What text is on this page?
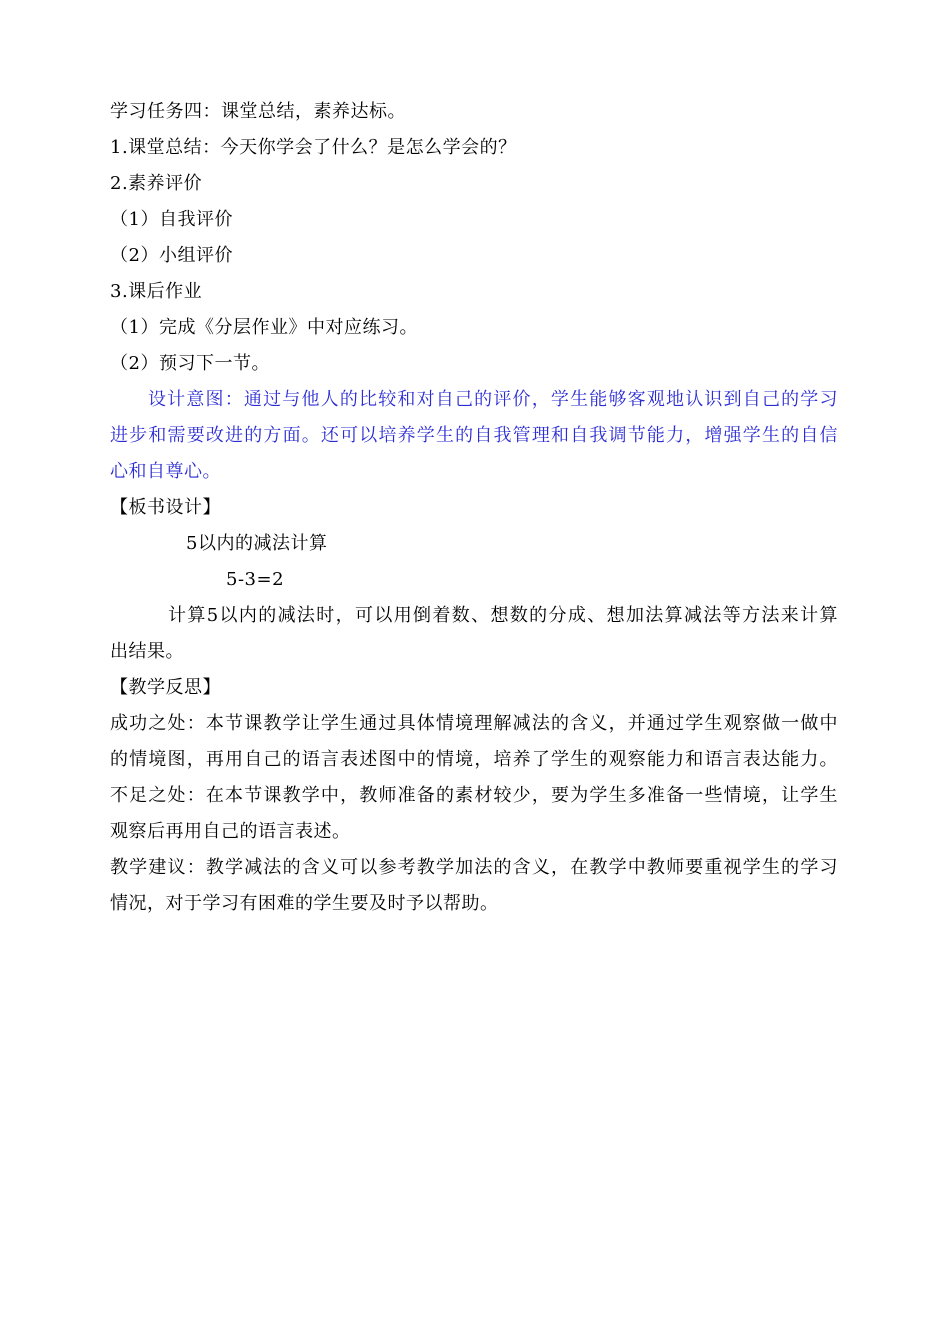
学习任务四：课堂总结，素养达标。
1.课堂总结：今天你学会了什么？是怎么学会的？
2.素养评价
（1）自我评价
（2）小组评价
3.课后作业
（1）完成《分层作业》中对应练习。
（2）预习下一节。
设计意图：通过与他人的比较和对自己的评价，学生能够客观地认识到自己的学习
进步和需要改进的方面。还可以培养学生的自我管理和自我调节能力，增强学生的自信
心和自尊心。
【板书设计】
5以内的减法计算
5-3=2
计算5以内的减法时，可以用倒着数、想数的分成、想加法算减法等方法来计算
出结果。
【教学反思】
成功之处：本节课教学让学生通过具体情境理解减法的含义，并通过学生观察做一做中
的情境图，再用自己的语言表述图中的情境，培养了学生的观察能力和语言表达能力。
不足之处：在本节课教学中，教师准备的素材较少，要为学生多准备一些情境，让学生
观察后再用自己的语言表述。
教学建议：教学减法的含义可以参考教学加法的含义，在教学中教师要重视学生的学习
情况，对于学习有困难的学生要及时予以帮助。
